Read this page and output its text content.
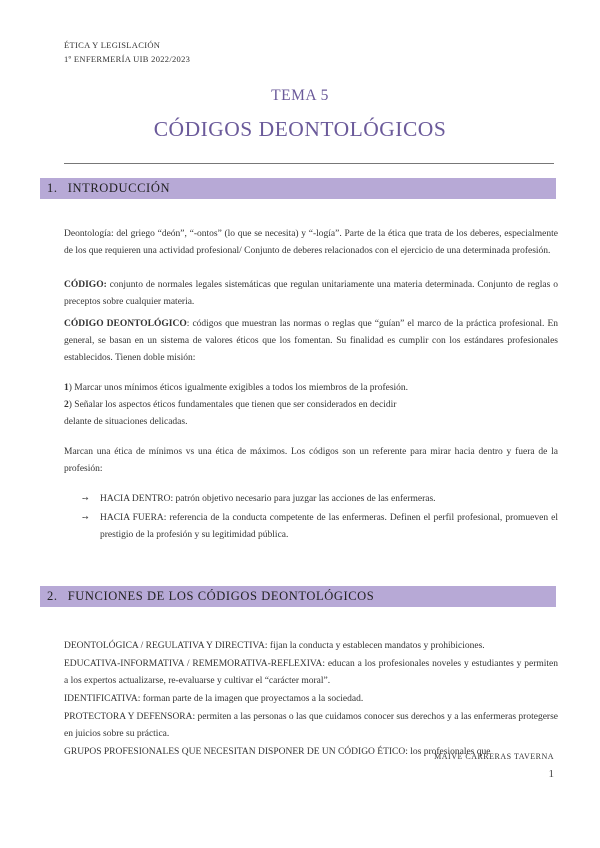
ÉTICA Y LEGISLACIÓN
1º ENFERMERÍA UIB 2022/2023
TEMA 5
CÓDIGOS DEONTOLÓGICOS
1. INTRODUCCIÓN
Deontología: del griego “deón”, “-ontos” (lo que se necesita) y “-logía”. Parte de la ética que trata de los deberes, especialmente de los que requieren una actividad profesional/ Conjunto de deberes relacionados con el ejercicio de una determinada profesión.
CÓDIGO: conjunto de normales legales sistemáticas que regulan unitariamente una materia determinada. Conjunto de reglas o preceptos sobre cualquier materia.
CÓDIGO DEONTOLÓGICO: códigos que muestran las normas o reglas que “guían” el marco de la práctica profesional. En general, se basan en un sistema de valores éticos que los fomentan. Su finalidad es cumplir con los estándares profesionales establecidos. Tienen doble misión:
1) Marcar unos mínimos éticos igualmente exigibles a todos los miembros de la profesión.
2) Señalar los aspectos éticos fundamentales que tienen que ser considerados en decidir
delante de situaciones delicadas.
Marcan una ética de mínimos vs una ética de máximos. Los códigos son un referente para mirar hacia dentro y fuera de la profesión:
➙ HACIA DENTRO: patrón objetivo necesario para juzgar las acciones de las enfermeras.
➙ HACIA FUERA: referencia de la conducta competente de las enfermeras. Definen el perfil profesional, promueven el prestigio de la profesión y su legitimidad pública.
2. FUNCIONES DE LOS CÓDIGOS DEONTOLÓGICOS
DEONTOLÓGICA / REGULATIVA Y DIRECTIVA: fijan la conducta y establecen mandatos y prohibiciones.
EDUCATIVA-INFORMATIVA / REMEMORATIVA-REFLEXIVA: educan a los profesionales noveles y estudiantes y permiten a los expertos actualizarse, re-evaluarse y cultivar el “carácter moral”.
IDENTIFICATIVA: forman parte de la imagen que proyectamos a la sociedad.
PROTECTORA Y DEFENSORA: permiten a las personas o las que cuidamos conocer sus derechos y a las enfermeras protegerse en juicios sobre su práctica.
GRUPOS PROFESIONALES QUE NECESITAN DISPONER DE UN CÓDIGO ÉTICO: los profesionales que
MAIVE CARRERAS TAVERNA
1
